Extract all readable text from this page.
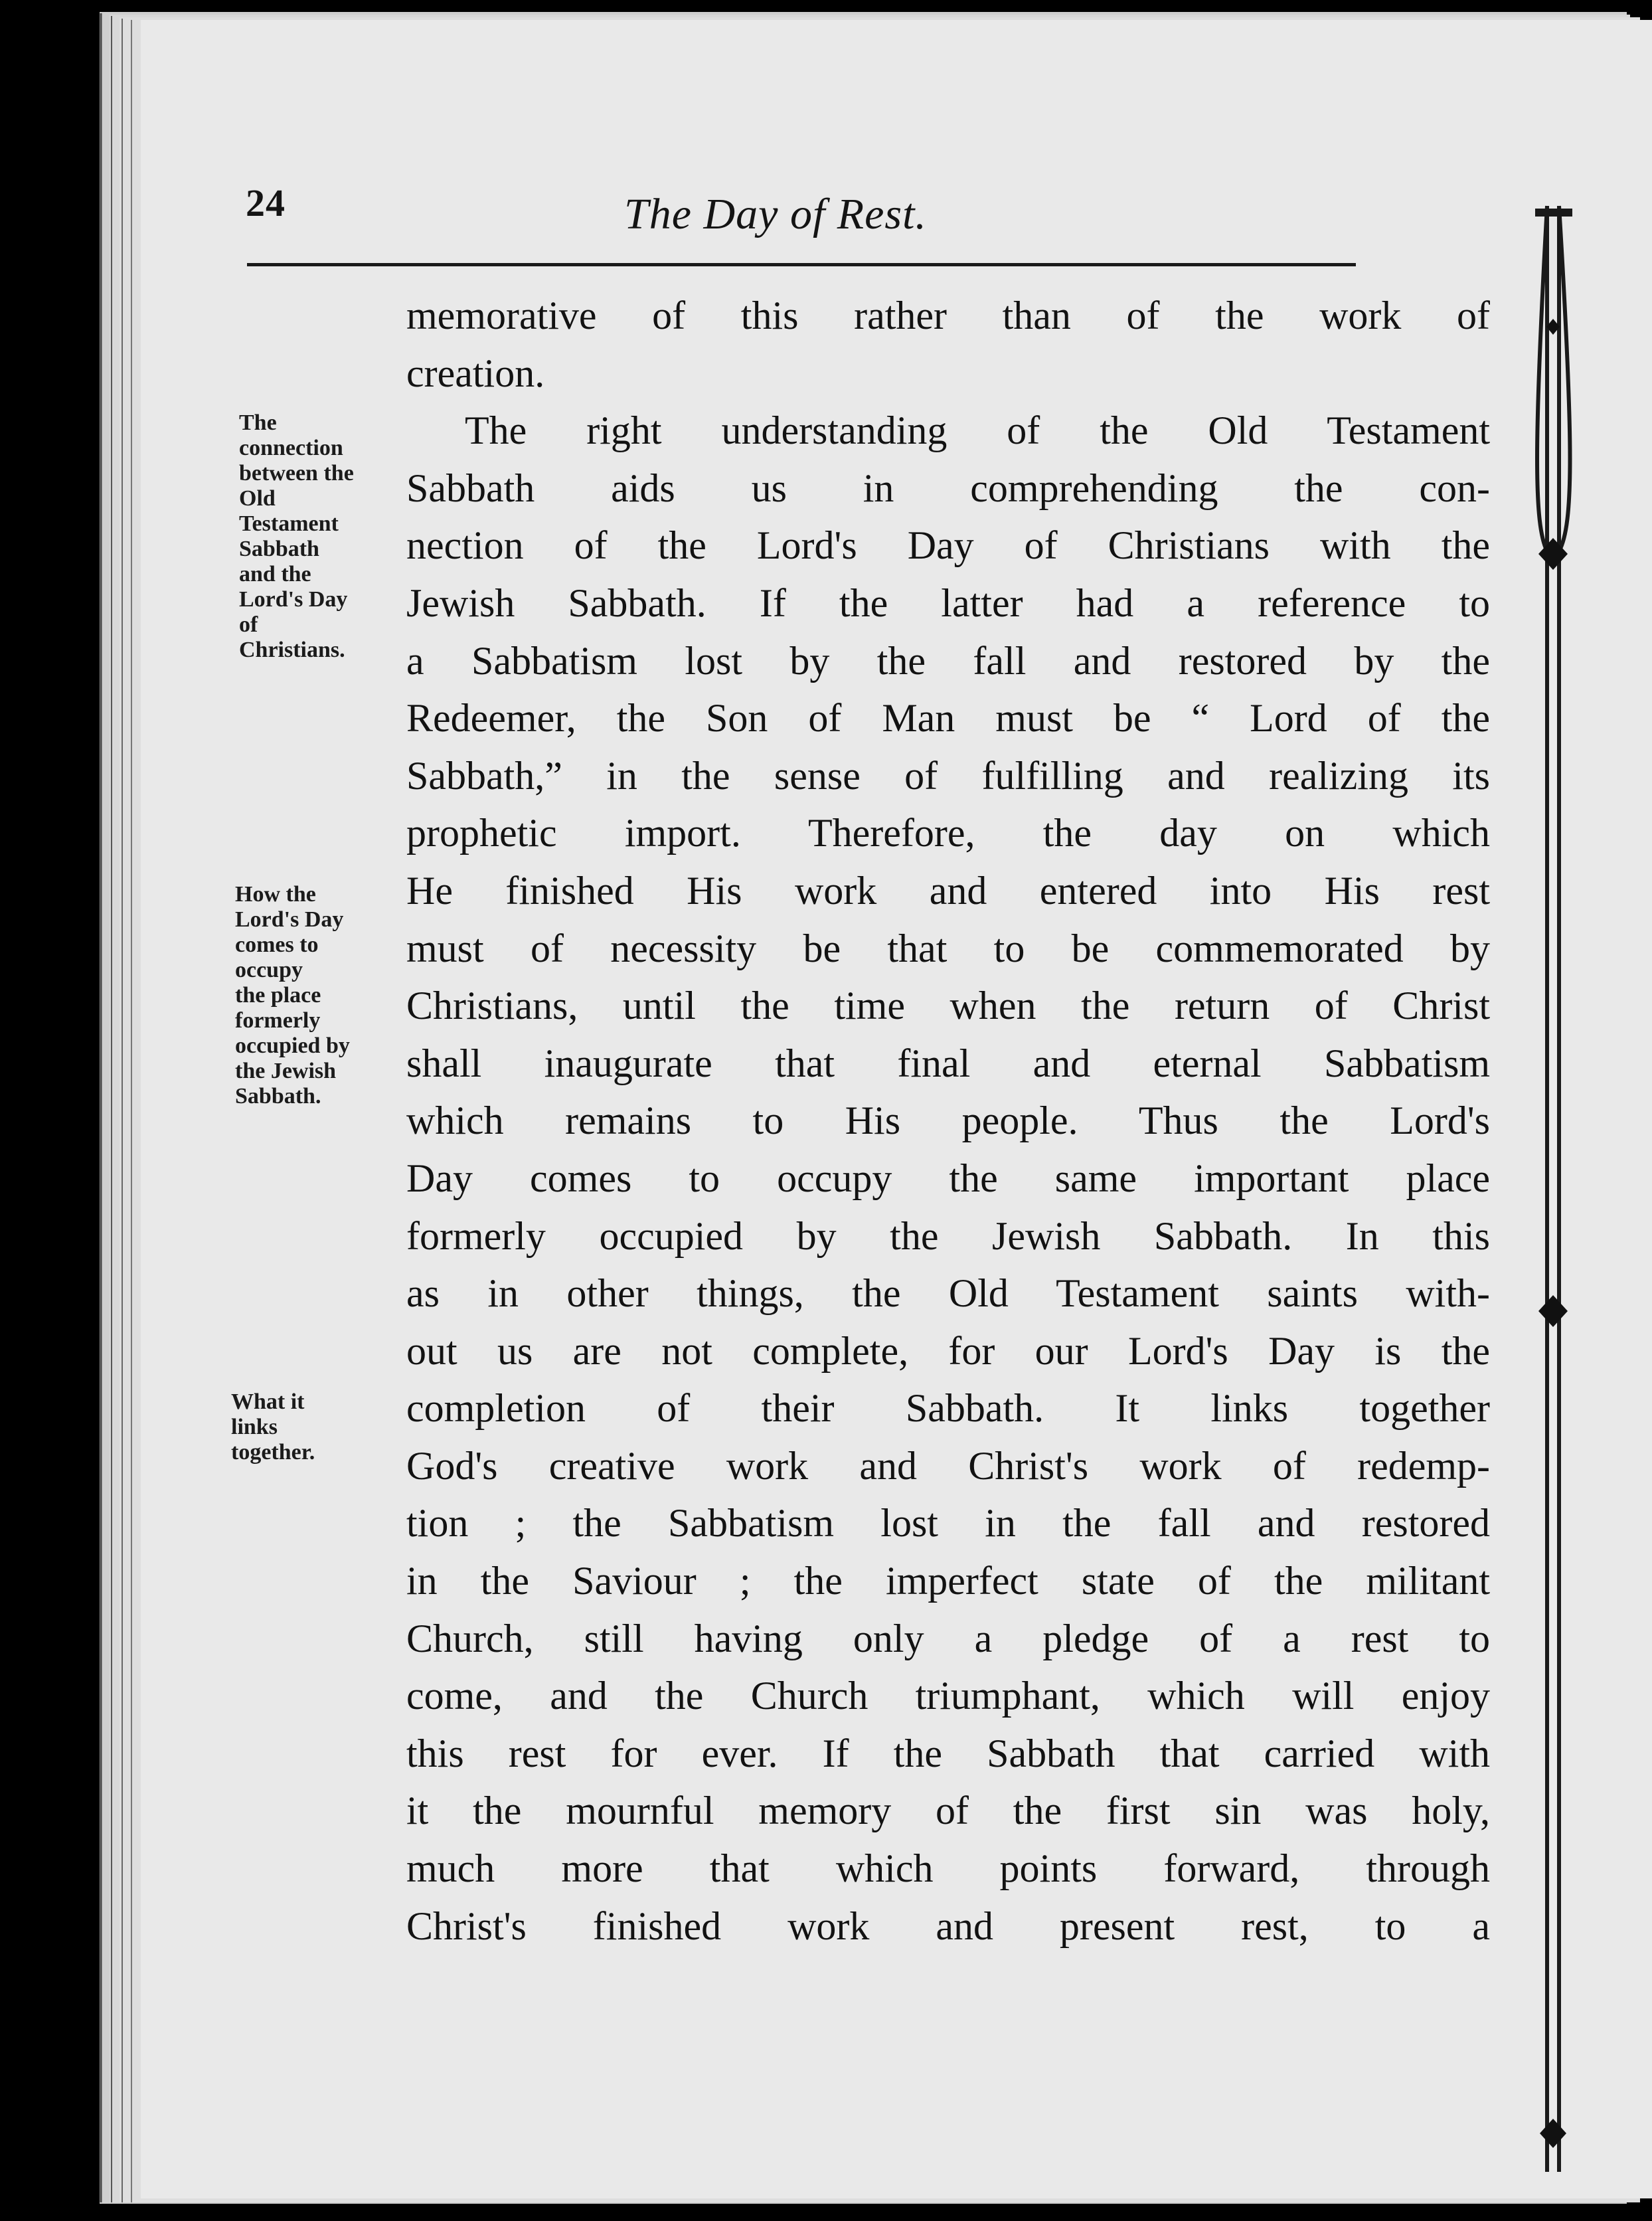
24	The Day of Rest.
The
connection
between the
Old
Testament
Sabbath
and the
Lord's Day
of
Christians.
How the
Lord's Day
comes to
occupy
the place
formerly
occupied by
the Jewish
Sabbath.
What it
links
together.
memorative of this rather than of the work of
creation.
The right understanding of the Old Testament
Sabbath aids us in comprehending the con-
nection of the Lord's Day of Christians with the
Jewish Sabbath. If the latter had a reference to
a Sabbatism lost by the fall and restored by the
Redeemer, the Son of Man must be “ Lord of the
Sabbath,” in the sense of fulfilling and realizing its
prophetic import. Therefore, the day on which
He finished His work and entered into His rest
must of necessity be that to be commemorated by
Christians, until the time when the return of Christ
shall inaugurate that final and eternal Sabbatism
which remains to His people. Thus the Lord's
Day comes to occupy the same important place
formerly occupied by the Jewish Sabbath. In this
as in other things, the Old Testament saints with-
out us are not complete, for our Lord's Day is the
completion of their Sabbath. It links together
God's creative work and Christ's work of redemp-
tion ; the Sabbatism lost in the fall and restored
in the Saviour ; the imperfect state of the militant
Church, still having only a pledge of a rest to
come, and the Church triumphant, which will enjoy
this rest for ever. If the Sabbath that carried with
it the mournful memory of the first sin was holy,
much more that which points forward, through
Christ's finished work and present rest, to a
